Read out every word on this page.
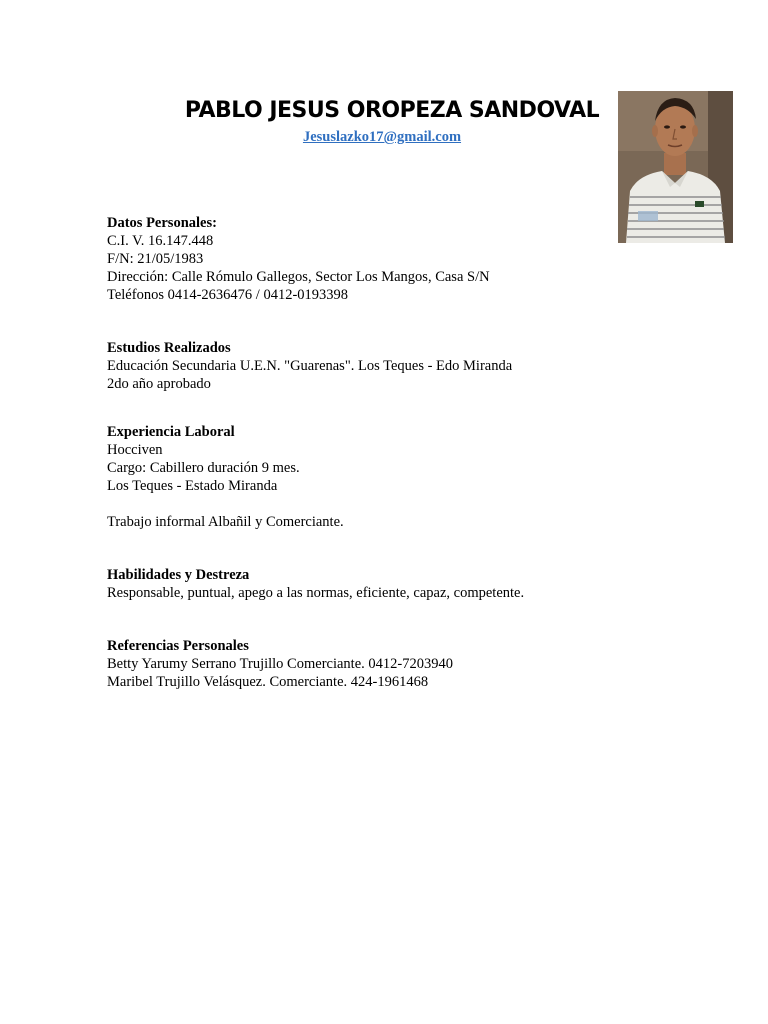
PABLO JESUS OROPEZA SANDOVAL
Jesuslazko17@gmail.com
Datos Personales:
C.I. V. 16.147.448
F/N: 21/05/1983
Dirección: Calle Rómulo Gallegos, Sector Los Mangos, Casa S/N
Teléfonos 0414-2636476 / 0412-0193398
Estudios Realizados
Educación Secundaria U.E.N. "Guarenas". Los Teques - Edo Miranda
2do año aprobado
Experiencia Laboral
Hocciven
Cargo: Cabillero duración 9 mes.
Los Teques - Estado Miranda
Trabajo informal Albañil y Comerciante.
Habilidades y Destreza
Responsable, puntual, apego a las normas, eficiente, capaz, competente.
Referencias Personales
Betty Yarumy Serrano Trujillo Comerciante. 0412-7203940
Maribel Trujillo Velásquez. Comerciante. 424-1961468
